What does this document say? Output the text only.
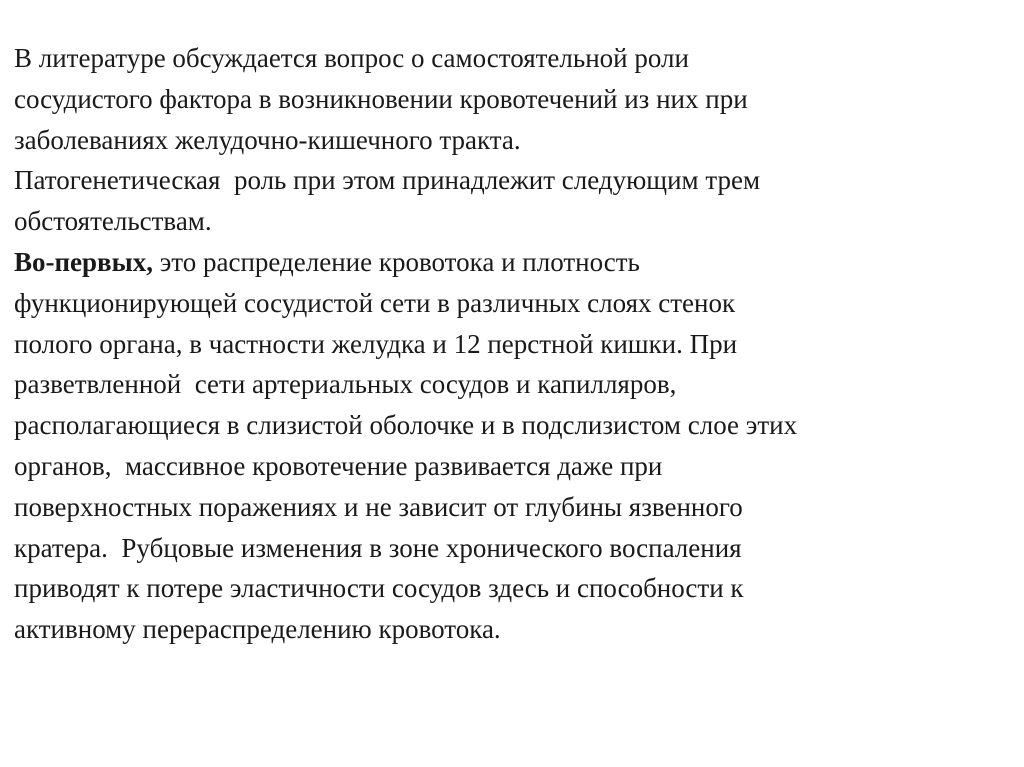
В литературе обсуждается вопрос о самостоятельной роли
сосудистого фактора в возникновении кровотечений из них при
заболеваниях желудочно-кишечного тракта.
Патогенетическая  роль при этом принадлежит следующим трем
обстоятельствам.
Во-первых, это распределение кровотока и плотность
функционирующей сосудистой сети в различных слоях стенок
полого органа, в частности желудка и 12 перстной кишки. При
разветвленной  сети артериальных сосудов и капилляров,
располагающиеся в слизистой оболочке и в подслизистом слое этих
органов,  массивное кровотечение развивается даже при
поверхностных поражениях и не зависит от глубины язвенного
кратера.  Рубцовые изменения в зоне хронического воспаления
приводят к потере эластичности сосудов здесь и способности к
активному перераспределению кровотока.
